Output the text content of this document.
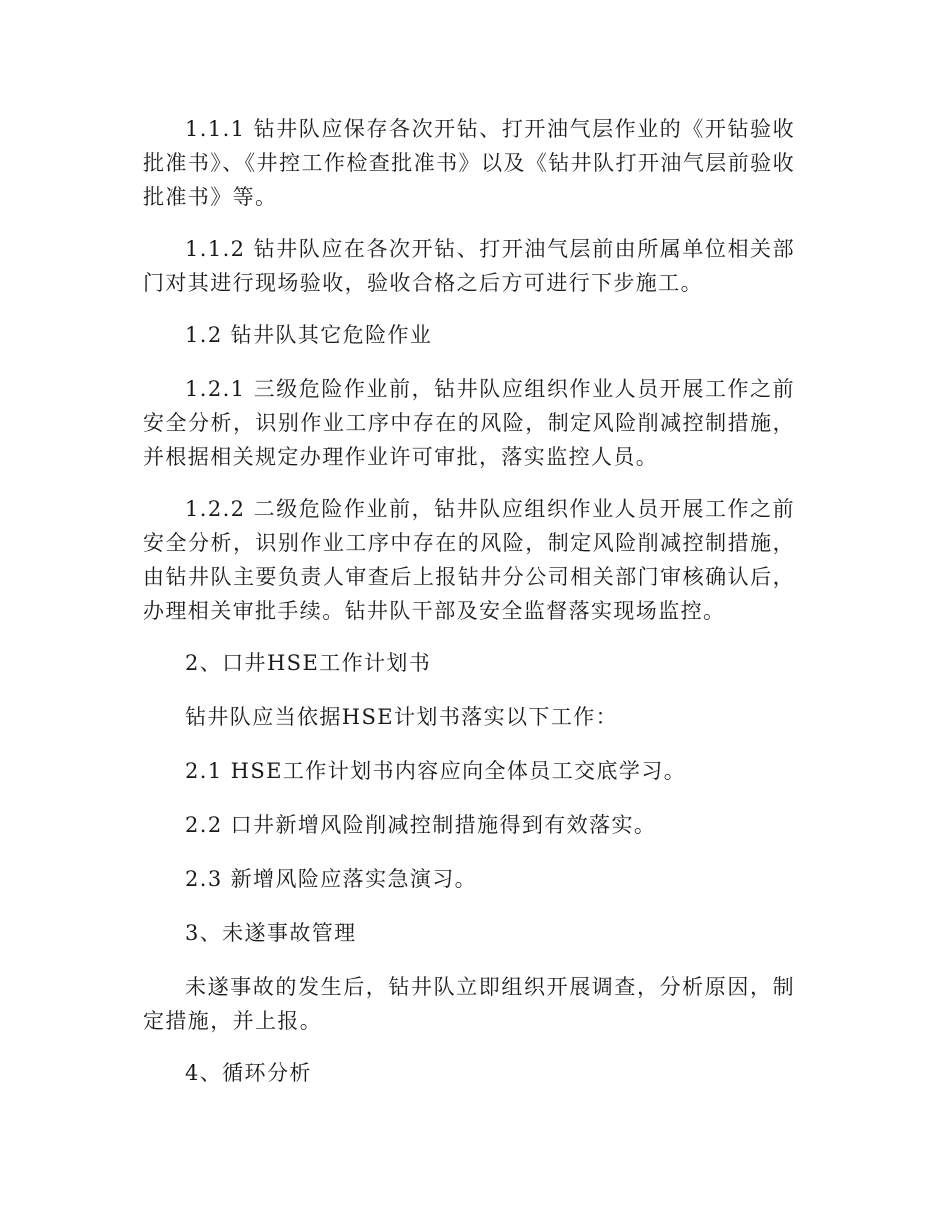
1.1.1 钻井队应保存各次开钻、打开油气层作业的《开钻验收批准书》、《井控工作检查批准书》以及《钻井队打开油气层前验收批准书》等。

1.1.2 钻井队应在各次开钻、打开油气层前由所属单位相关部门对其进行现场验收，验收合格之后方可进行下步施工。

1.2 钻井队其它危险作业

1.2.1 三级危险作业前，钻井队应组织作业人员开展工作之前安全分析，识别作业工序中存在的风险，制定风险削减控制措施，并根据相关规定办理作业许可审批，落实监控人员。

1.2.2 二级危险作业前，钻井队应组织作业人员开展工作之前安全分析，识别作业工序中存在的风险，制定风险削减控制措施，由钻井队主要负责人审查后上报钻井分公司相关部门审核确认后，办理相关审批手续。钻井队干部及安全监督落实现场监控。

2、口井HSE工作计划书

钻井队应当依据HSE计划书落实以下工作：

2.1 HSE工作计划书内容应向全体员工交底学习。

2.2 口井新增风险削减控制措施得到有效落实。

2.3 新增风险应落实急演习。

3、未遂事故管理

未遂事故的发生后，钻井队立即组织开展调查，分析原因，制定措施，并上报。

4、循环分析
